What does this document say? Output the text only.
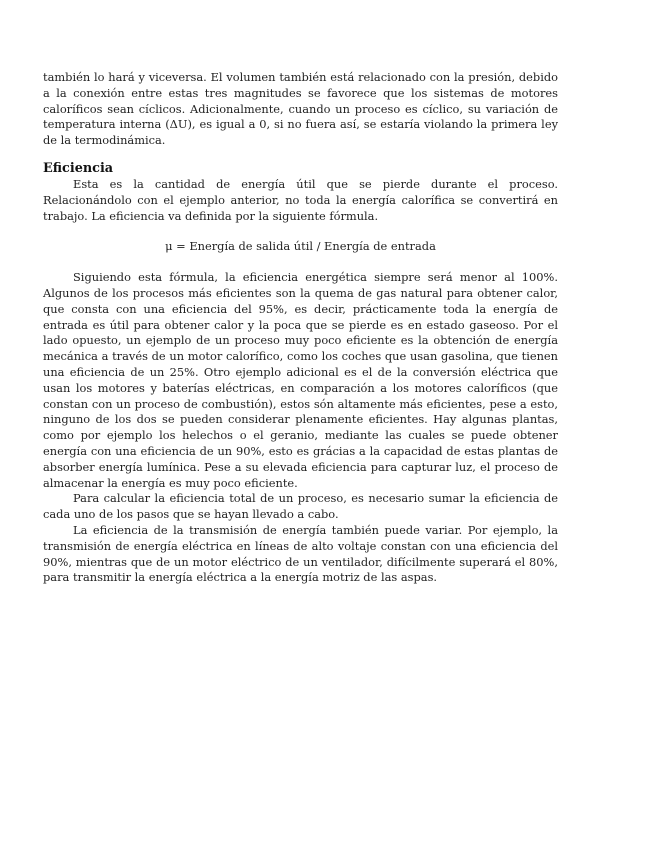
también lo hará y viceversa. El volumen también está relacionado con la presión, debido a la conexión entre estas tres magnitudes se favorece que los sistemas de motores caloríficos sean cíclicos. Adicionalmente, cuando un proceso es cíclico, su variación de temperatura interna (ΔU), es igual a 0, si no fuera así, se estaría violando la primera ley de la termodinámica.

Eficiencia

Esta es la cantidad de energía útil que se pierde durante el proceso. Relacionándolo con el ejemplo anterior, no toda la energía calorífica se convertirá en trabajo. La eficiencia va definida por la siguiente fórmula.

μ = Energía de salida útil / Energía de entrada

Siguiendo esta fórmula, la eficiencia energética siempre será menor al 100%. Algunos de los procesos más eficientes son la quema de gas natural para obtener calor, que consta con una eficiencia del 95%, es decir, prácticamente toda la energía de entrada es útil para obtener calor y la poca que se pierde es en estado gaseoso. Por el lado opuesto, un ejemplo de un proceso muy poco eficiente es la obtención de energía mecánica a través de un motor calorífico, como los coches que usan gasolina, que tienen una eficiencia de un 25%. Otro ejemplo adicional es el de la conversión eléctrica que usan los motores y baterías eléctricas, en comparación a los motores caloríficos (que constan con un proceso de combustión), estos són altamente más eficientes, pese a esto, ninguno de los dos se pueden considerar plenamente eficientes. Hay algunas plantas, como por ejemplo los helechos o el geranio, mediante las cuales se puede obtener energía con una eficiencia de un 90%, esto es grácias a la capacidad de estas plantas de absorber energía lumínica. Pese a su elevada eficiencia para capturar luz, el proceso de almacenar la energía es muy poco eficiente.

Para calcular la eficiencia total de un proceso, es necesario sumar la eficiencia de cada uno de los pasos que se hayan llevado a cabo.

La eficiencia de la transmisión de energía también puede variar. Por ejemplo, la transmisión de energía eléctrica en líneas de alto voltaje constan con una eficiencia del 90%, mientras que de un motor eléctrico de un ventilador, difícilmente superará el 80%, para transmitir la energía eléctrica a la energía motriz de las aspas.
